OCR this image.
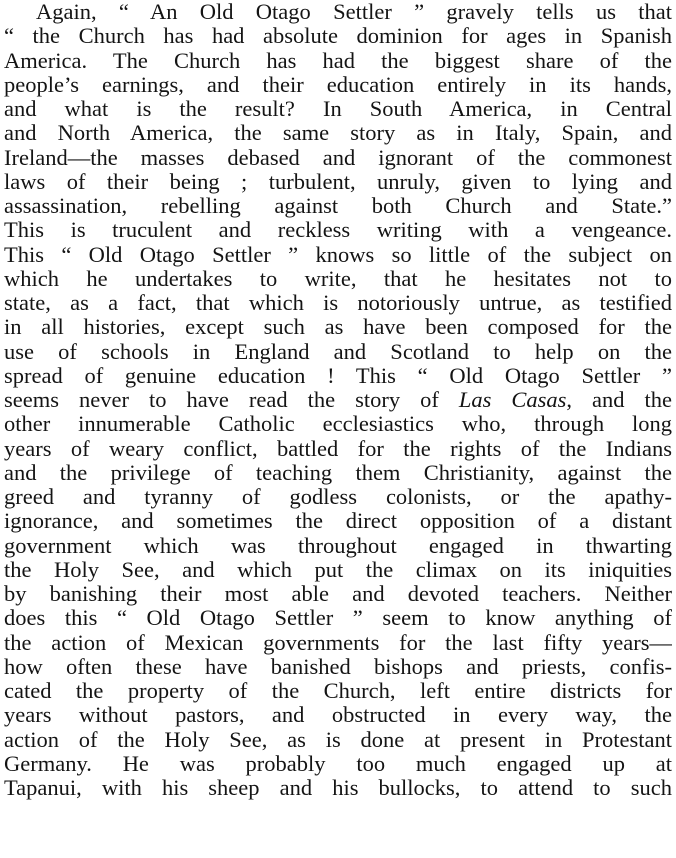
Again, “ An Old Otago Settler ” gravely tells us that
“ the Church has had absolute dominion for ages in Spanish
America. The Church has had the biggest share of the
people’s earnings, and their education entirely in its hands,
and what is the result? In South America, in Central
and North America, the same story as in Italy, Spain, and
Ireland—the masses debased and ignorant of the commonest
laws of their being ; turbulent, unruly, given to lying and
assassination, rebelling against both Church and State.”
This is truculent and reckless writing with a vengeance.
This “ Old Otago Settler ” knows so little of the subject on
which he undertakes to write, that he hesitates not to
state, as a fact, that which is notoriously untrue, as testified
in all histories, except such as have been composed for the
use of schools in England and Scotland to help on the
spread of genuine education ! This “ Old Otago Settler ”
seems never to have read the story of Las Casas, and the
other innumerable Catholic ecclesiastics who, through long
years of weary conflict, battled for the rights of the Indians
and the privilege of teaching them Christianity, against the
greed and tyranny of godless colonists, or the apathy-
ignorance, and sometimes the direct opposition of a distant
government which was throughout engaged in thwarting
the Holy See, and which put the climax on its iniquities
by banishing their most able and devoted teachers. Neither
does this “ Old Otago Settler ” seem to know anything of
the action of Mexican governments for the last fifty years—
how often these have banished bishops and priests, confis-
cated the property of the Church, left entire districts for
years without pastors, and obstructed in every way, the
action of the Holy See, as is done at present in Protestant
Germany. He was probably too much engaged up at
Tapanui, with his sheep and his bullocks, to attend to such
